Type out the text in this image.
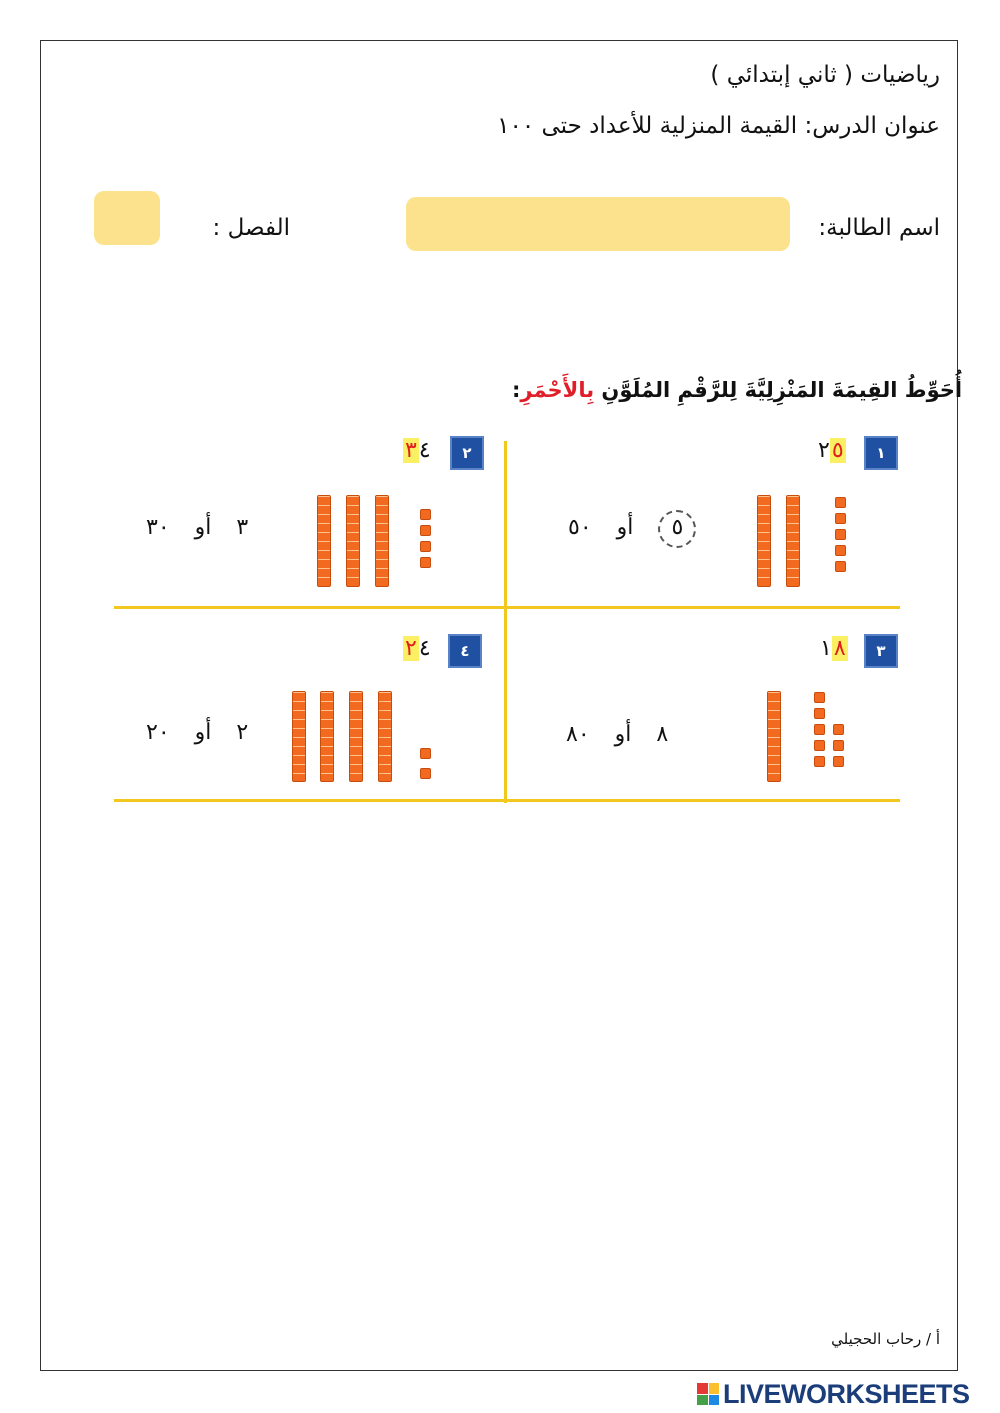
رياضيات ( ثاني إبتدائي )
عنوان الدرس: القيمة المنزلية للأعداد حتى ١٠٠
اسم الطالبة:
الفصل :
أُحَوِّطُ القِيمَةَ المَنْزِلِيَّةَ لِلرَّقْمِ المُلَوَّنِ بِالأَحْمَرِ:
١
٢٥
٥ أو ٥٠
٢
٣٤
٣ أو ٣٠
٣
١٨
٨ أو ٨٠
٤
٢٤
٢ أو ٢٠
أ / رحاب الحجيلي
LIVEWORKSHEETS
